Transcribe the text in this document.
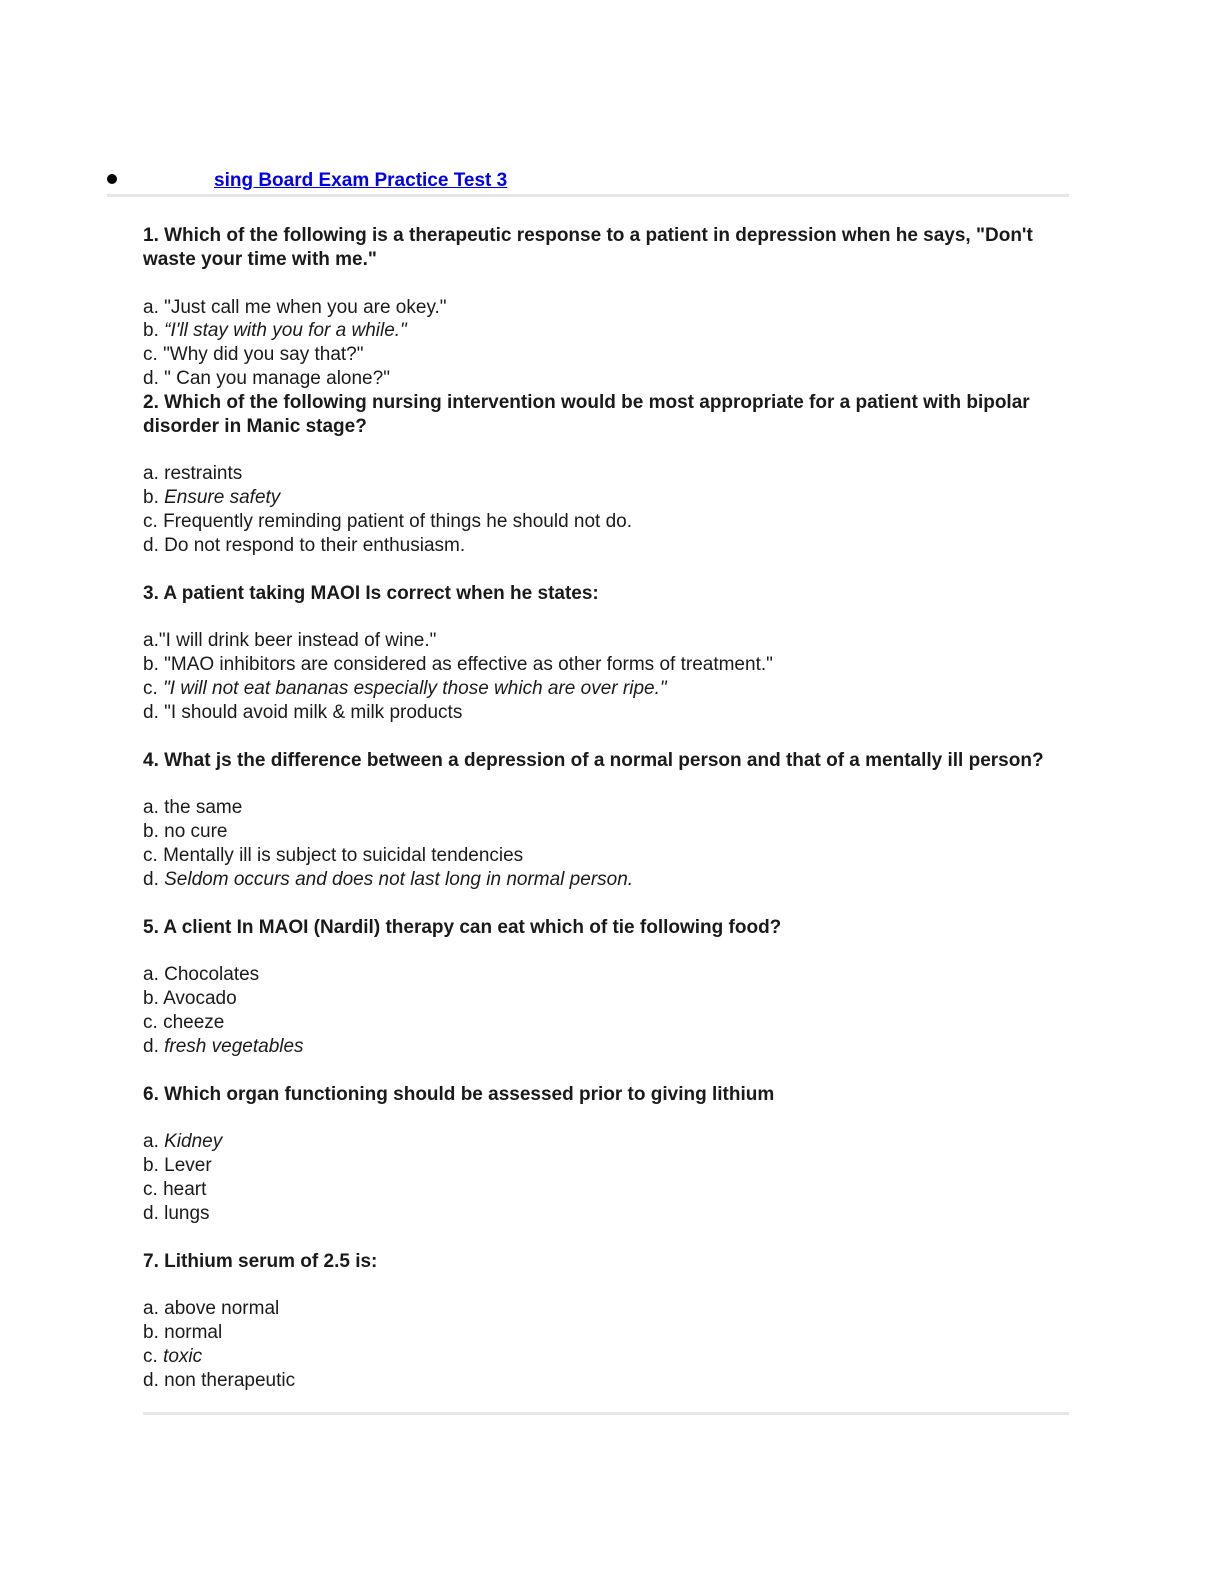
sing Board Exam Practice Test 3

1. Which of the following is a therapeutic response to a patient in depression when he says, "Don't waste your time with me."

a. "Just call me when you are okey."
b. “I'll stay with you for a while."
c. "Why did you say that?"
d. " Can you manage alone?"

2. Which of the following nursing intervention would be most appropriate for a patient with bipolar disorder in Manic stage?

a. restraints
b. Ensure safety
c. Frequently reminding patient of things he should not do.
d. Do not respond to their enthusiasm.

3. A patient taking MAOI Is correct when he states:

a."I will drink beer instead of wine."
b. "MAO inhibitors are considered as effective as other forms of treatment."
c. "I will not eat bananas especially those which are over ripe."
d. "I should avoid milk & milk products

4. What js the difference between a depression of a normal person and that of a mentally ill person?

a. the same
b. no cure
c. Mentally ill is subject to suicidal tendencies
d. Seldom occurs and does not last long in normal person.

5. A client In MAOI (Nardil) therapy can eat which of tie following food?

a. Chocolates
b. Avocado
c. cheeze
d. fresh vegetables

6. Which organ functioning should be assessed prior to giving lithium

a. Kidney
b. Lever
c. heart
d. lungs

7. Lithium serum of 2.5 is:

a. above normal
b. normal
c. toxic
d. non therapeutic
